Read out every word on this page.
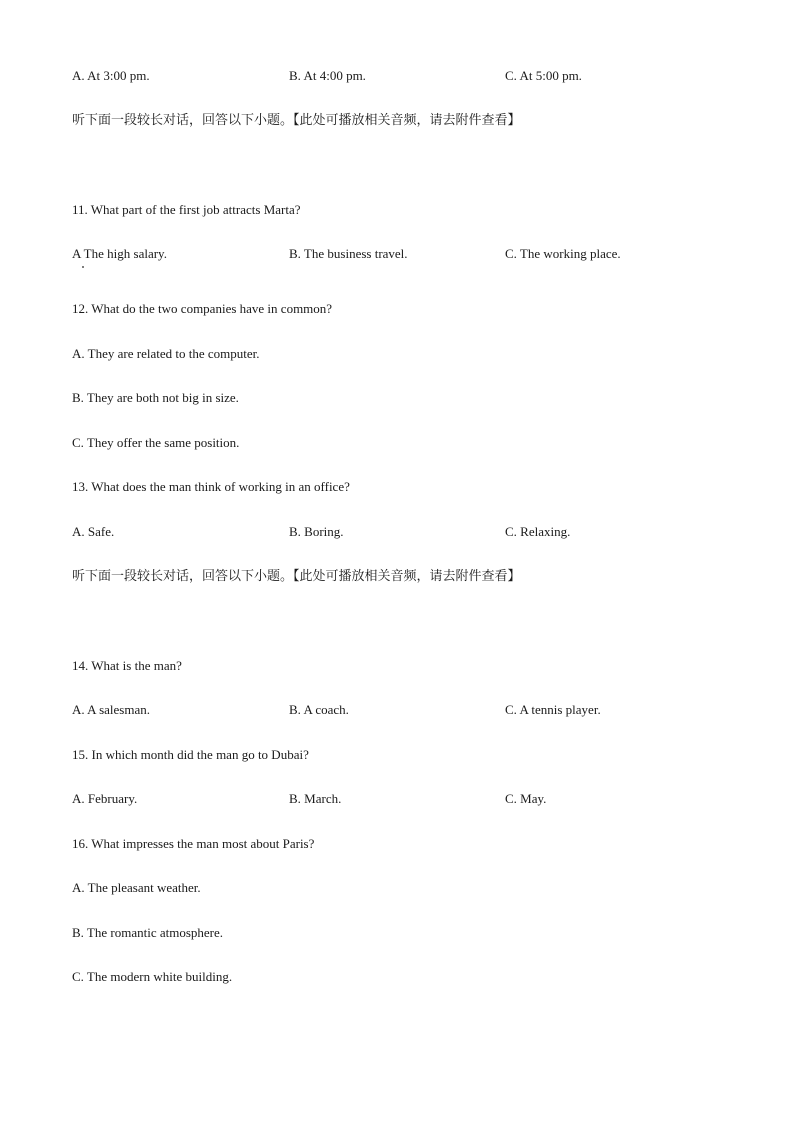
A. At 3:00 pm.	B. At 4:00 pm.	C. At 5:00 pm.
听下面一段较长对话，回答以下小题。【此处可播放相关音频，请去附件查看】
11. What part of the first job attracts Marta?
A The high salary.	B. The business travel.	C. The working place.
12. What do the two companies have in common?
A. They are related to the computer.
B. They are both not big in size.
C. They offer the same position.
13. What does the man think of working in an office?
A. Safe.	B. Boring.	C. Relaxing.
听下面一段较长对话，回答以下小题。【此处可播放相关音频，请去附件查看】
14. What is the man?
A. A salesman.	B. A coach.	C. A tennis player.
15. In which month did the man go to Dubai?
A. February.	B. March.	C. May.
16. What impresses the man most about Paris?
A. The pleasant weather.
B. The romantic atmosphere.
C. The modern white building.
